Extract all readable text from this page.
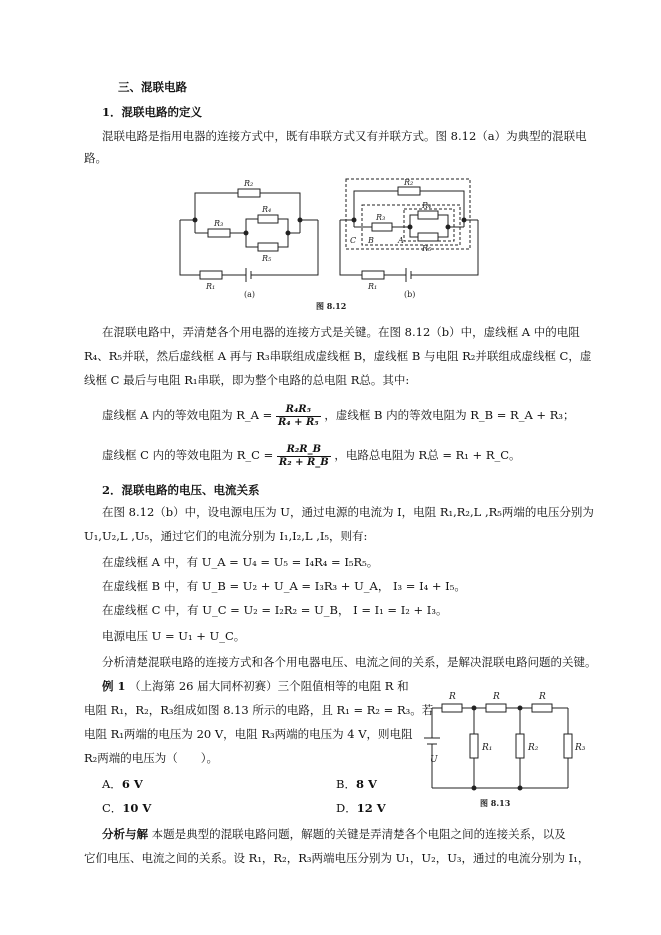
三、混联电路
1．混联电路的定义
混联电路是指用电器的连接方式中，既有串联方式又有并联方式。图 8.12（a）为典型的混联电
路。
R₂
R₃
R₄
R₅
R₁
R₂
R₃
R₄
R₅
R₁
C B	A
(a)	(b)
图 8.12
在混联电路中，弄清楚各个用电器的连接方式是关键。在图 8.12（b）中，虚线框 A 中的电阻
R₄、R₅并联，然后虚线框 A 再与 R₃串联组成虚线框 B，虚线框 B 与电阻 R₂并联组成虚线框 C，虚
线框 C 最后与电阻 R₁串联，即为整个电路的总电阻 R总。其中:
虚线框 A 内的等效电阻为 R_A = $\frac{\text{R₄R₅}}{\text{R₄ + R₅}}$ ，虚线框 B 内的等效电阻为 R_B = R_A + R₃；
虚线框 C 内的等效电阻为 R_C = $\frac{\text{R₂R\_B}}{\text{R₂ + R\_B}}$ ，电路总电阻为 R总 = R₁ + R_C。
2．混联电路的电压、电流关系
在图 8.12（b）中，设电源电压为 U，通过电源的电流为 I，电阻 R₁,R₂,L ,R₅两端的电压分别为
U₁,U₂,L ,U₅，通过它们的电流分别为 I₁,I₂,L ,I₅，则有:
在虚线框 A 中，有 U_A = U₄ = U₅ = I₄R₄ = I₅R₅。
在虚线框 B 中，有 U_B = U₂ + U_A = I₃R₃ + U_A， I₃ = I₄ + I₅。
在虚线框 C 中，有 U_C = U₂ = I₂R₂ = U_B， I = I₁ = I₂ + I₃。
电源电压 U = U₁ + U_C。
分析清楚混联电路的连接方式和各个用电器电压、电流之间的关系，是解决混联电路问题的关键。
例 1 （上海第 26 届大同杯初赛）三个阻值相等的电阻 R 和
电阻 R₁，R₂，R₃组成如图 8.13 所示的电路，且 R₁ = R₂ = R₃。若
电阻 R₁两端的电压为 20 V，电阻 R₃两端的电压为 4 V，则电阻
R₂两端的电压为（　　）。
R	R	R
R₁	R₂	R₃
U
图 8.13
A．6 V	B．8 V
C．10 V	D．12 V
分析与解 本题是典型的混联电路问题，解题的关键是弄清楚各个电阻之间的连接关系，以及
它们电压、电流之间的关系。设 R₁，R₂，R₃两端电压分别为 U₁，U₂，U₃，通过的电流分别为 I₁，
